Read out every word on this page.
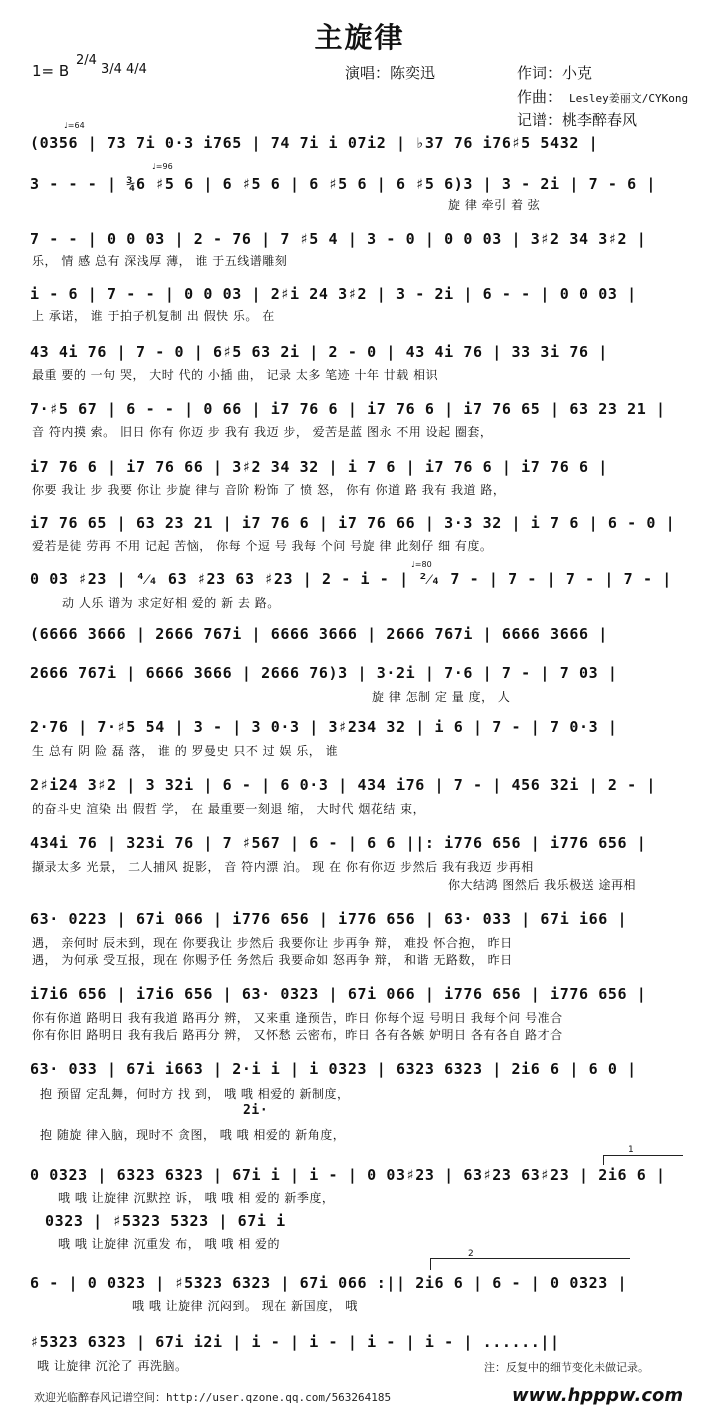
主旋律
1= B
2/4
3/4 4/4	演唱：陈奕迅	作词：小克
作曲： Lesley姜丽文/CYKong
记谱：桃李醉春风
♩=64
♩=96
♩=80
(0356 | 73 7i 0·3 i765 | 74 7i i 07i2 | ♭37 76 i76♯5 5432 |
3 - - - | ¾6 ♯5 6 | 6 ♯5 6 | 6 ♯5 6 | 6 ♯5 6)3 | 3 - 2i | 7 - 6 |
旋 律 牵引 着 弦
7 - - | 0 0 03 | 2 - 76 | 7 ♯5 4 | 3 - 0 | 0 0 03 | 3♯2 34 3♯2 |
乐， 情 感 总有 深浅厚 薄， 谁 于五线谱雕刻
i - 6 | 7 - - | 0 0 03 | 2♯i 24 3♯2 | 3 - 2i | 6 - - | 0 0 03 |
上 承诺， 谁 于拍子机复制 出 假快 乐。 在
43 4i 76 | 7 - 0 | 6♯5 63 2i | 2 - 0 | 43 4i 76 | 33 3i 76 |
最重 要的 一句 哭， 大时 代的 小插 曲， 记录 太多 笔迹 十年 廿载 相识
7·♯5 67 | 6 - - | 0 66 | i7 76 6 | i7 76 6 | i7 76 65 | 63 23 21 |
音 符内摸 索。 旧日 你有 你迈 步 我有 我迈 步， 爱苦是蓝 图永 不用 设起 圈套，
i7 76 6 | i7 76 66 | 3♯2 34 32 | i 7 6 | i7 76 6 | i7 76 6 |
你要 我让 步 我要 你让 步旋 律与 音阶 粉饰 了 愤 怒， 你有 你道 路 我有 我道 路，
i7 76 65 | 63 23 21 | i7 76 6 | i7 76 66 | 3·3 32 | i 7 6 | 6 - 0 |
爱若是徒 劳再 不用 记起 苦恼， 你每 个逗 号 我每 个问 号旋 律 此刻仔 细 有度。
0 03 ♯23 | ⁴⁄₄ 63 ♯23 63 ♯23 | 2 - i - | ²⁄₄ 7 - | 7 - | 7 - | 7 - |
动 人乐 谱为 求定好相 爱的 新 去 路。
(6666 3666 | 2666 767i | 6666 3666 | 2666 767i | 6666 3666 |
2666 767i | 6666 3666 | 2666 76)3 | 3·2i | 7·6 | 7 - | 7 03 |
旋 律 怎制 定 量 度， 人
2·76 | 7·♯5 54 | 3 - | 3 0·3 | 3♯234 32 | i 6 | 7 - | 7 0·3 |
生 总有 阴 险 磊 落， 谁 的 罗曼史 只不 过 娱 乐， 谁
2♯i24 3♯2 | 3 32i | 6 - | 6 0·3 | 434 i76 | 7 - | 456 32i | 2 - |
的奋斗史 渲染 出 假哲 学， 在 最重要一刻退 缩， 大时代 烟花结 束，
434i 76 | 323i 76 | 7 ♯567 | 6 - | 6 6 ||: i776 656 | i776 656 |
撷录太多 光景， 二人捕风 捉影， 音 符内漂 泊。 现 在 你有你迈 步然后 我有我迈 步再相
你大结鸿 图然后 我乐极送 途再相
63· 0223 | 67i 066 | i776 656 | i776 656 | 63· 033 | 67i i66 |
遇， 亲何时 辰未到，现在 你要我让 步然后 我要你让 步再争 辩， 难投 怀合抱， 昨日
遇， 为何承 受互报，现在 你赐予任 务然后 我要命如 怒再争 辩， 和谐 无路数， 昨日
i7i6 656 | i7i6 656 | 63· 0323 | 67i 066 | i776 656 | i776 656 |
你有你道 路明日 我有我道 路再分 辨， 又来重 逢预告，昨日 你每个逗 号明日 我每个问 号准合
你有你旧 路明日 我有我后 路再分 辨， 又怀愁 云密布，昨日 各有各嫉 妒明日 各有各自 路才合
63· 033 | 67i i663 | 2·i i | i 0323 | 6323 6323 | 2i6 6 | 6 0 |
抱 预留 定乱舞，何时方 找 到， 哦 哦 相爱的 新制度，
2i·
抱 随旋 律入脑，现时不 贪图， 哦 哦 相爱的 新角度，
0 0323 | 6323 6323 | 67i i | i - | 0 03♯23 | 63♯23 63♯23 | 2i6 6 |
哦 哦 让旋律 沉默控 诉， 哦 哦 相 爱的 新季度，
0323 | ♯5323 5323 | 67i i
哦 哦 让旋律 沉重发 布， 哦 哦 相 爱的
6 - | 0 0323 | ♯5323 6323 | 67i 066 :|| 2i6 6 | 6 - | 0 0323 |
哦 哦 让旋律 沉闷到。 现在 新国度， 哦
♯5323 6323 | 67i i2i | i - | i - | i - | i - | ......||
哦 让旋律 沉沦了 再洗脑。
1
2
注：反复中的细节变化未做记录。
欢迎光临醉春风记谱空间：http://user.qzone.qq.com/563264185	www.hpppw.com
